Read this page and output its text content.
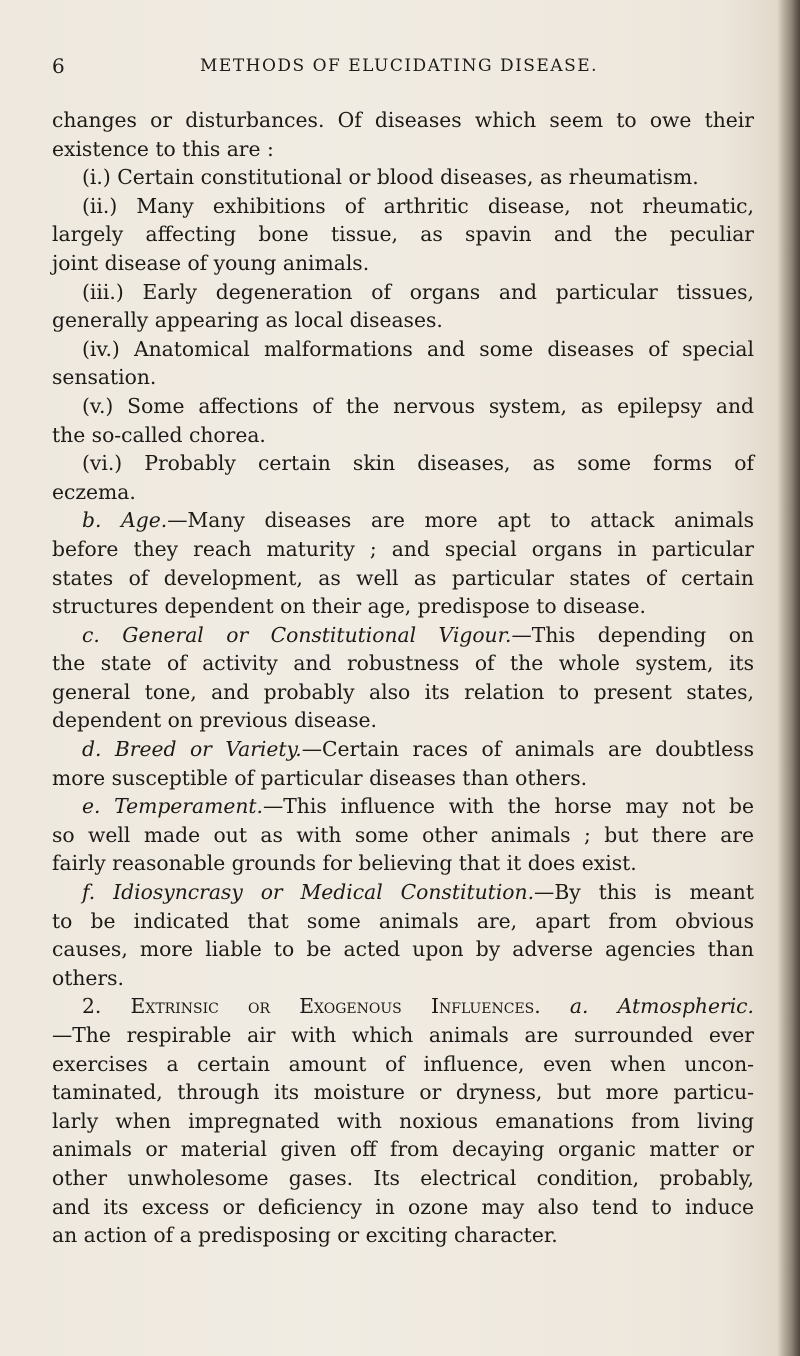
6	METHODS OF ELUCIDATING DISEASE.
changes or disturbances. Of diseases which seem to owe their
existence to this are :
(i.) Certain constitutional or blood diseases, as rheumatism.
(ii.) Many exhibitions of arthritic disease, not rheumatic,
largely affecting bone tissue, as spavin and the peculiar
joint disease of young animals.
(iii.) Early degeneration of organs and particular tissues,
generally appearing as local diseases.
(iv.) Anatomical malformations and some diseases of special
sensation.
(v.) Some affections of the nervous system, as epilepsy and
the so-called chorea.
(vi.) Probably certain skin diseases, as some forms of
eczema.
b. Age.—Many diseases are more apt to attack animals
before they reach maturity ; and special organs in particular
states of development, as well as particular states of certain
structures dependent on their age, predispose to disease.
c. General or Constitutional Vigour.—This depending on
the state of activity and robustness of the whole system, its
general tone, and probably also its relation to present states,
dependent on previous disease.
d. Breed or Variety.—Certain races of animals are doubtless
more susceptible of particular diseases than others.
e. Temperament.—This influence with the horse may not be
so well made out as with some other animals ; but there are
fairly reasonable grounds for believing that it does exist.
f. Idiosyncrasy or Medical Constitution.—By this is meant
to be indicated that some animals are, apart from obvious
causes, more liable to be acted upon by adverse agencies than
others.
2. Extrinsic or Exogenous Influences. a. Atmospheric.
—The respirable air with which animals are surrounded ever
exercises a certain amount of influence, even when uncon-
taminated, through its moisture or dryness, but more particu-
larly when impregnated with noxious emanations from living
animals or material given off from decaying organic matter or
other unwholesome gases. Its electrical condition, probably,
and its excess or deficiency in ozone may also tend to induce
an action of a predisposing or exciting character.
